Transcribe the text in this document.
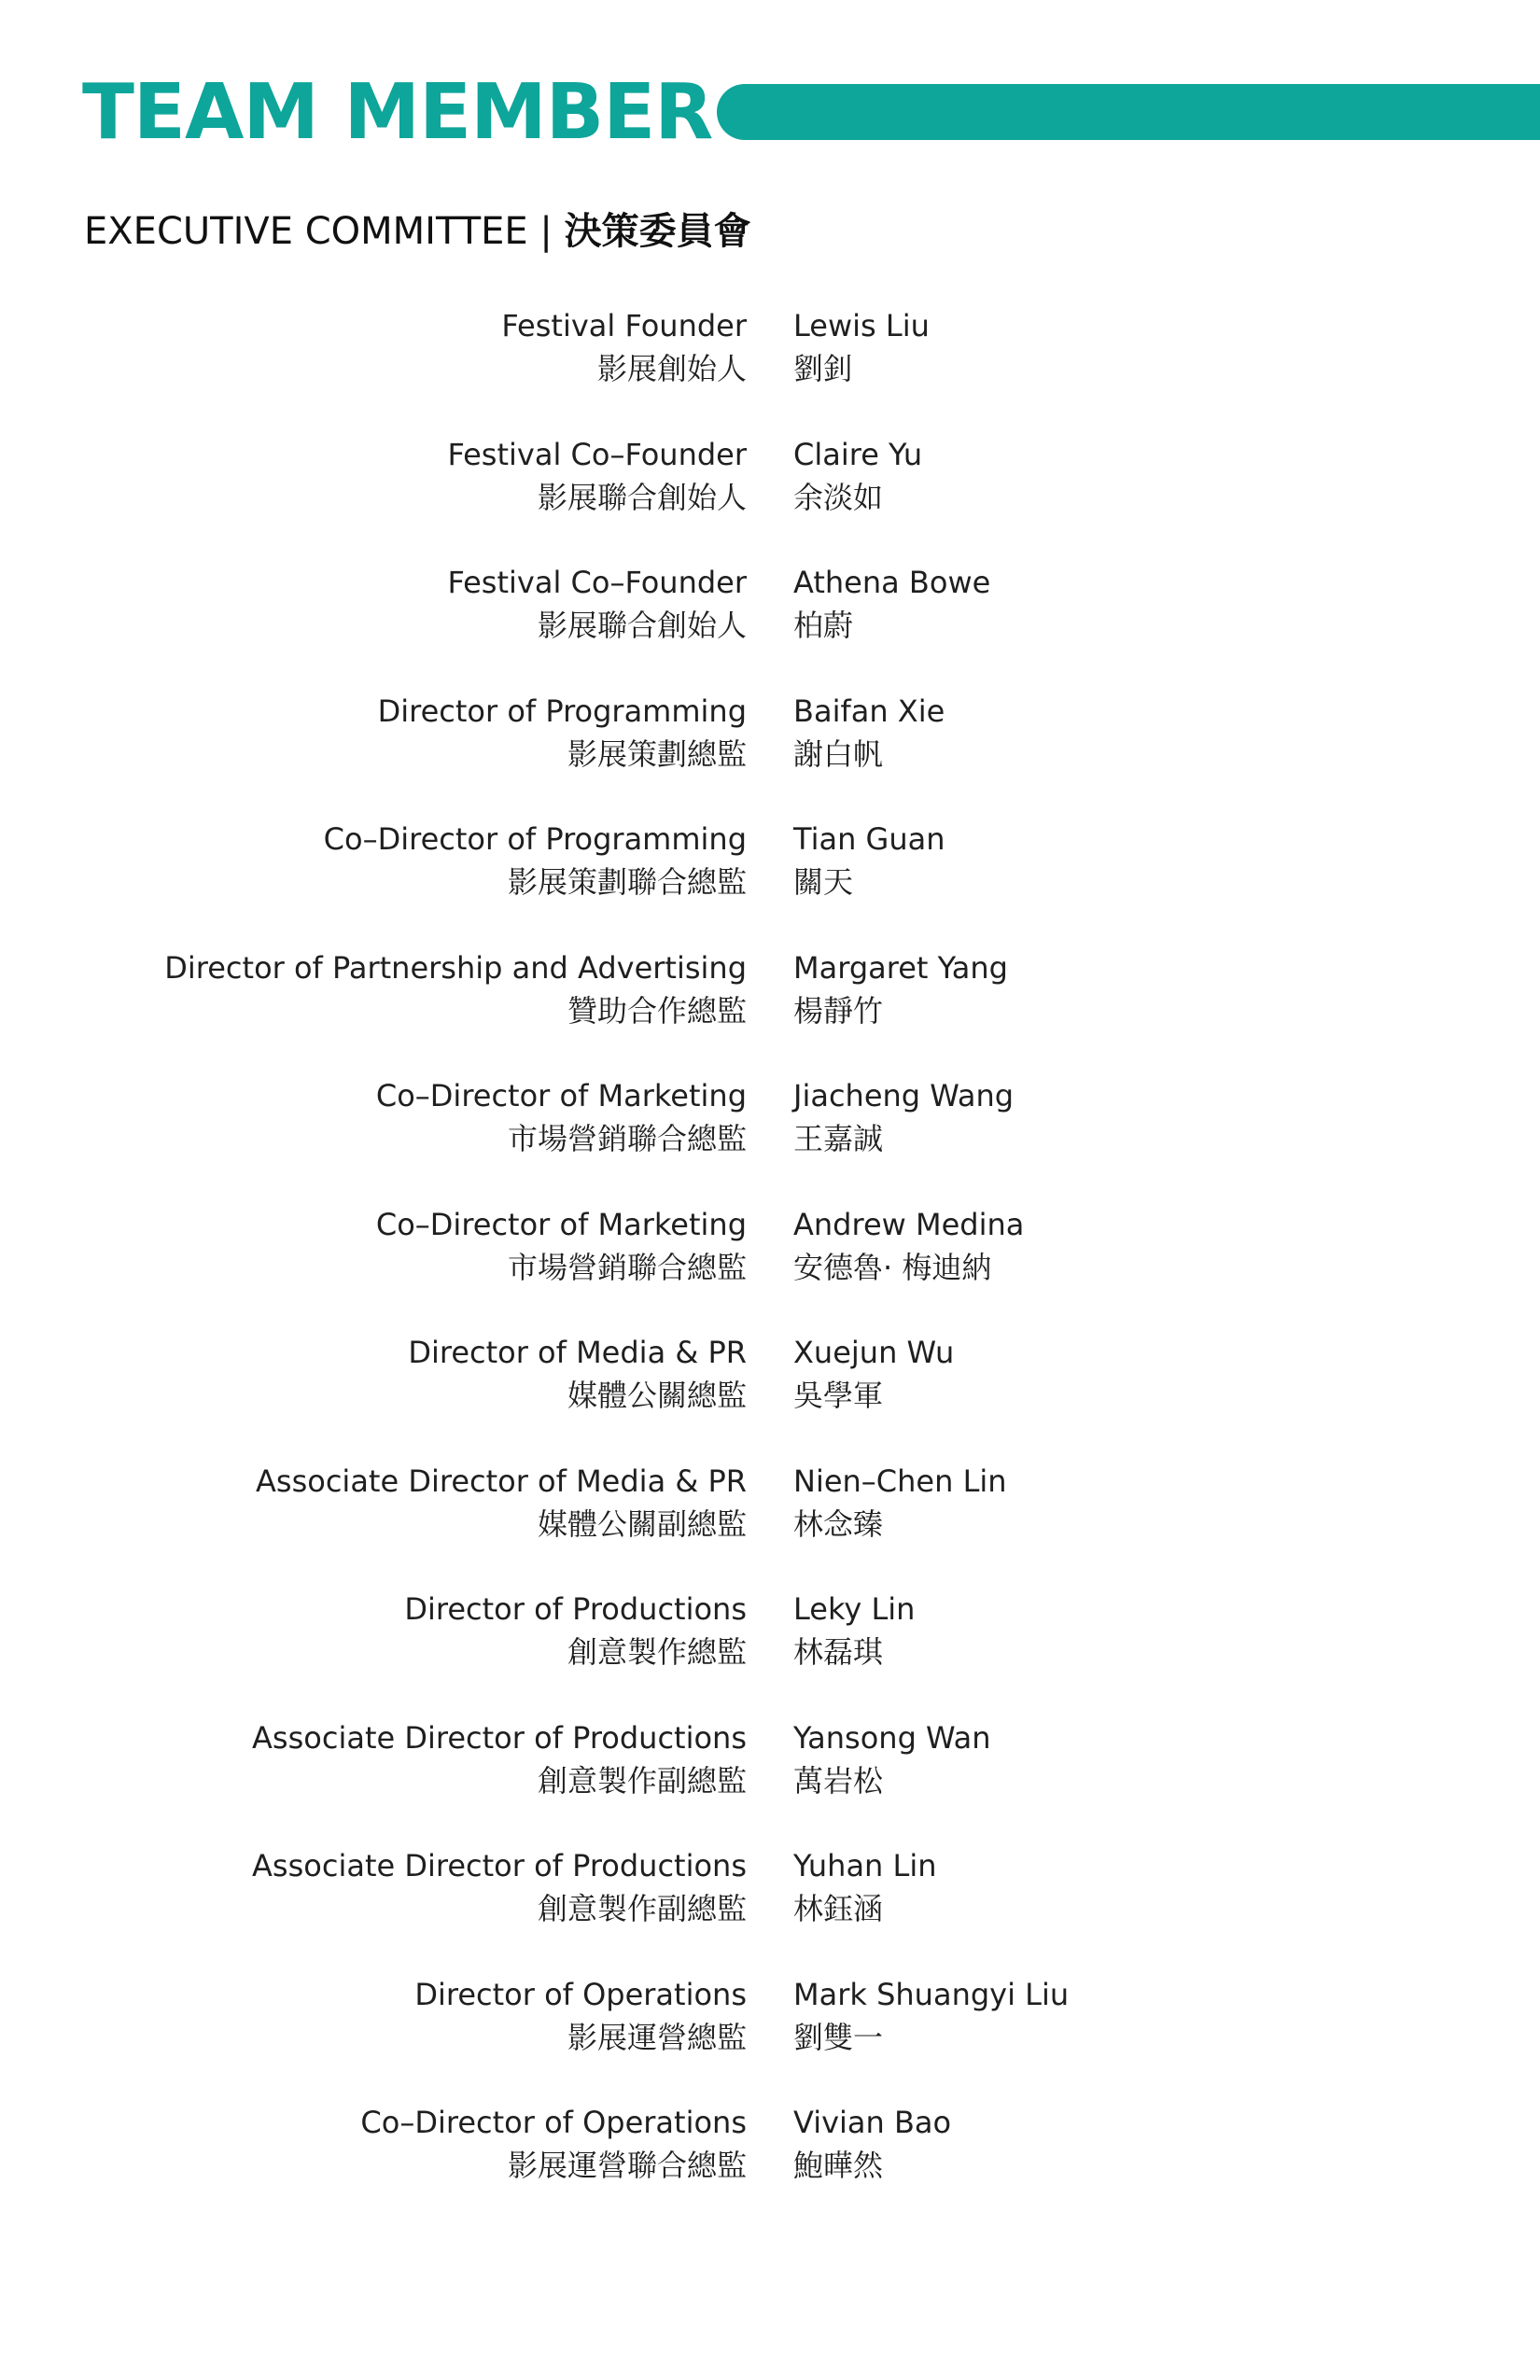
TEAM MEMBER
EXECUTIVE COMMITTEE | 決策委員會
Festival Founder
影展創始人
Lewis Liu
劉釗
Festival Co–Founder
影展聯合創始人
Claire Yu
余淡如
Festival Co–Founder
影展聯合創始人
Athena Bowe
柏蔚
Director of Programming
影展策劃總監
Baifan Xie
謝白帆
Co–Director of Programming
影展策劃聯合總監
Tian Guan
關天
Director of Partnership and Advertising
贊助合作總監
Margaret Yang
楊靜竹
Co–Director of Marketing
市場營銷聯合總監
Jiacheng Wang
王嘉誠
Co–Director of Marketing
市場營銷聯合總監
Andrew Medina
安德魯· 梅迪納
Director of Media & PR
媒體公關總監
Xuejun Wu
吳學軍
Associate Director of Media & PR
媒體公關副總監
Nien–Chen Lin
林念臻
Director of Productions
創意製作總監
Leky Lin
林磊琪
Associate Director of Productions
創意製作副總監
Yansong Wan
萬岩松
Associate Director of Productions
創意製作副總監
Yuhan Lin
林鈺涵
Director of Operations
影展運營總監
Mark Shuangyi Liu
劉雙一
Co–Director of Operations
影展運營聯合總監
Vivian Bao
鮑曄然
